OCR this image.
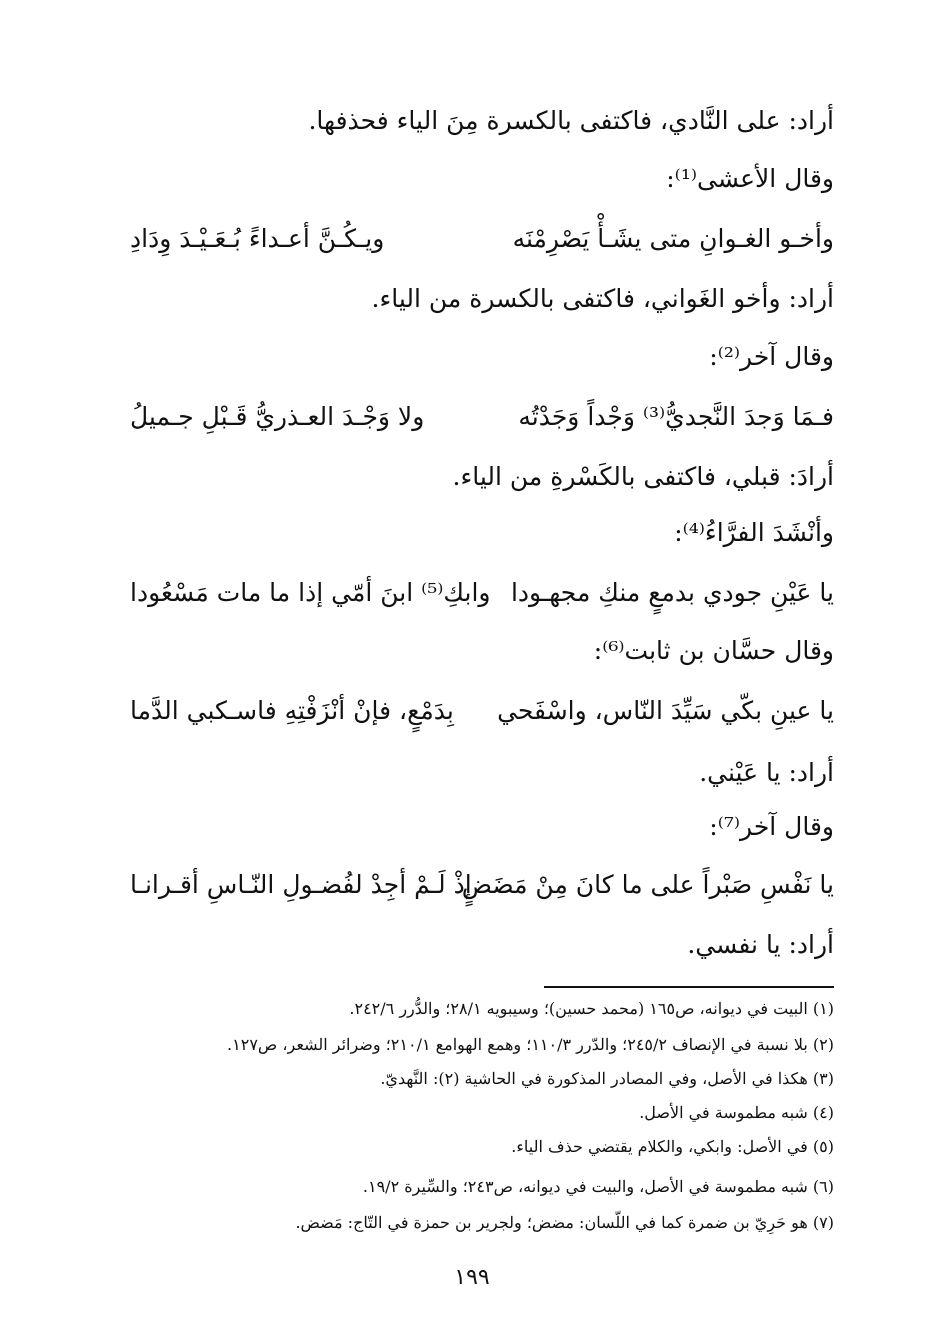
أراد: على النَّادي، فاكتفى بالكسرة مِنَ الياء فحذفها.
وقال الأعشى⁽¹⁾:
وأخـو الغـوانِ متى يشَـأْ يَصْرِمْنَه
ويـكُـنَّ أعـداءً بُـعَـيْـدَ وِدَادِ
أراد: وأخو الغَواني، فاكتفى بالكسرة من الياء.
وقال آخر⁽²⁾:
فـمَا وَجدَ النَّجديُّ⁽³⁾ وَجْداً وَجَدْتُه
ولا وَجْـدَ العـذريُّ قَـبْلِ جـميلُ
أرادَ: قبلي، فاكتفى بالكَسْرةِ من الياء.
وأنْشَدَ الفرَّاءُ⁽⁴⁾:
يا عَيْنِ جودي بدمعٍ منكِ مجهـودا
وابكِ⁽⁵⁾ ابنَ أمّي إذا ما مات مَسْعُودا
وقال حسَّان بن ثابت⁽⁶⁾:
يا عينِ بكّي سَيِّدَ النّاس، واسْفَحي
بِدَمْعٍ، فإنْ أنْزَفْتِهِ فاسـكبي الدَّما
أراد: يا عَيْني.
وقال آخر⁽⁷⁾:
يا نَفْسِ صَبْراً على ما كانَ مِنْ مَضَضٍ
إذْ لَـمْ أجِدْ لفُضـولِ النّـاسِ أقـرانـا
أراد: يا نفسي.
(١) البيت في ديوانه، ص١٦٥ (محمد حسين)؛ وسيبويه ٢٨/١؛ والدُّرر ٢٤٢/٦.
(٢) بلا نسبة في الإنصاف ٢٤٥/٢؛ والدّرر ١١٠/٣؛ وهمع الهوامع ٢١٠/١؛ وضرائر الشعر، ص١٢٧.
(٣) هكذا في الأصل، وفي المصادر المذكورة في الحاشية (٢): النَّهديّ.
(٤) شبه مطموسة في الأصل.
(٥) في الأصل: وابكي، والكلام يقتضي حذف الياء.
(٦) شبه مطموسة في الأصل، والبيت في ديوانه، ص٢٤٣؛ والسِّيرة ١٩/٢.
(٧) هو حَرِيّ بن ضمرة كما في اللّسان: مضض؛ ولجرير بن حمزة في التّاج: مَضض.
١٩٩
